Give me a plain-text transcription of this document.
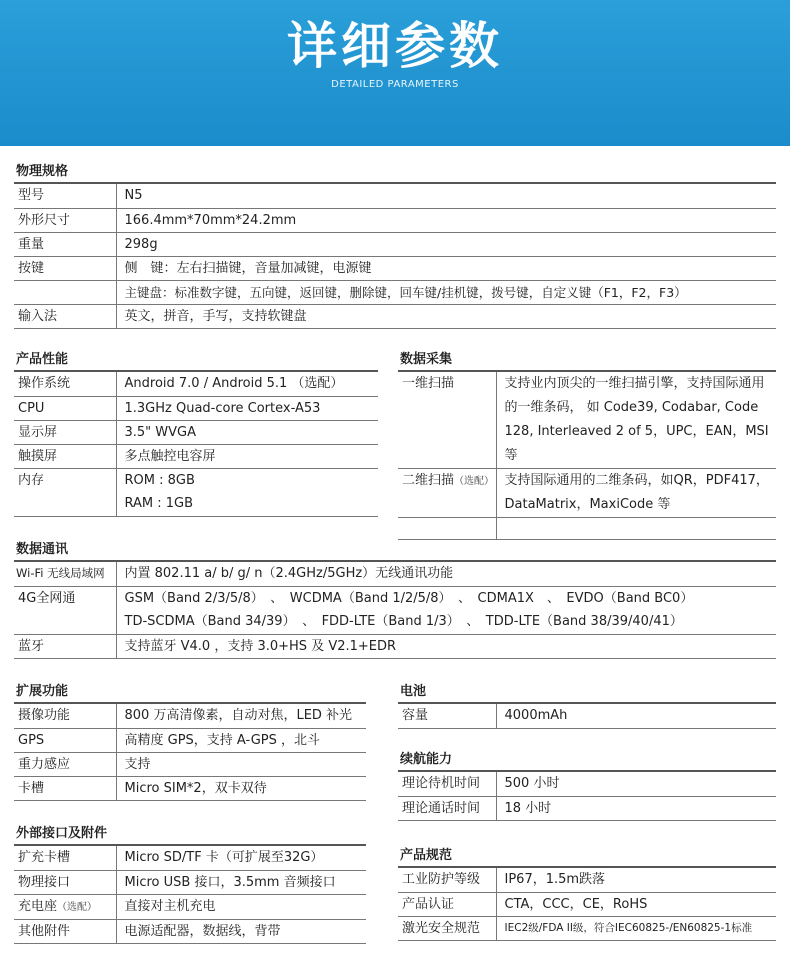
详细参数
DETAILED PARAMETERS
物理规格
型号	N5
外形尺寸	166.4mm*70mm*24.2mm
重量	298g
按键	侧　键：左右扫描键，音量加减键，电源键
	主键盘：标准数字键，五向键，返回键，删除键，回车键/挂机键，拨号键，自定义键（F1，F2，F3）
输入法	英文，拼音，手写，支持软键盘
产品性能
操作系统	Android 7.0 / Android 5.1 （选配）
CPU	1.3GHz Quad-core Cortex-A53
显示屏	3.5" WVGA
触摸屏	多点触控电容屏
内存	ROM : 8GB
	RAM : 1GB
数据采集
一维扫描	支持业内顶尖的一维扫描引擎，支持国际通用的一维条码， 如 Code39, Codabar, Code 128, Interleaved 2 of 5，UPC，EAN，MSI 等
二维扫描（选配）	支持国际通用的二维条码，如QR，PDF417，DataMatrix，MaxiCode 等

数据通讯
Wi-Fi 无线局域网	内置 802.11 a/ b/ g/ n（2.4GHz/5GHz）无线通讯功能
4G全网通	GSM（Band 2/3/5/8）　、　WCDMA（Band 1/2/5/8）　、　CDMA1X　、　EVDO（Band BC0）
	TD-SCDMA（Band 34/39）　、　FDD-LTE（Band 1/3）　、　TDD-LTE（Band 38/39/40/41）
蓝牙	支持蓝牙 V4.0 ，支持 3.0+HS 及 V2.1+EDR
扩展功能
摄像功能	800 万高清像素，自动对焦，LED 补光
GPS	高精度 GPS，支持 A-GPS ，北斗
重力感应	支持
卡槽	Micro SIM*2，双卡双待
电池
容量	4000mAh
续航能力
理论待机时间	500 小时
理论通话时间	18 小时
外部接口及附件
扩充卡槽	Micro SD/TF 卡（可扩展至32G）
物理接口	Micro USB 接口，3.5mm 音频接口
充电座（选配）	直接对主机充电
其他附件	电源适配器，数据线，背带
产品规范
工业防护等级	IP67，1.5m跌落
产品认证	CTA，CCC，CE，RoHS
激光安全规范	IEC2级/FDA II级，符合IEC60825-/EN60825-1标准
